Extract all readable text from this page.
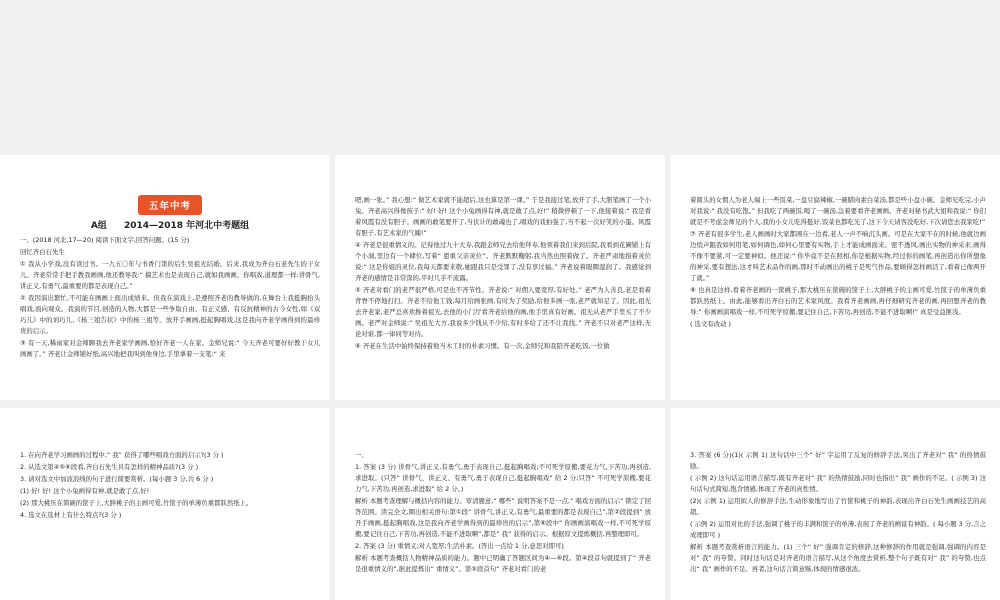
五年中考
A组 2014—2018 年河北中考题组

一、(2018 河北,17—20) 阅读下面文字,回答问题。(15 分)

回忆齐白石先生

① 我从小学戏,没有读过书。一九五〇年与书香门第的后生吴祖光结婚。后来,我成为齐白石老先生的干女儿。齐老常常手把手教我画画,他还教导我:“ 搞艺术也是表现自己,就如我画画、你唱戏,道理都一样:讲骨气,讲正义,有勇气,最重要的都是表现自己。”

② 我因演出繁忙,不可能在画画上面出成绩来。但我在演戏上,是遵照齐老的教导做的,在舞台上我挺胸抬头唱戏,面向观众。我演的节目,创造的人物,大都是一些争取自由、有正义感、有反抗精神的古今女性,如《双巧儿》中的刘巧儿,《杨三姐告状》中的杨三姐等。放开手画画,挺起胸唱戏,这是我向齐老学画得到的最珍贵的启示。

③ 有一天,稀雨家对金师聊我去齐老家学画画,恰好齐老一人在家。金师兄说:“ 今天齐老可要好好教干女儿画画了。” 齐老让金师铺好纸,高兴地把我叫到他身边,手里拿着一支笔:“ 来

吧,画一张。” 我心想:“ 做艺术家就不能超后,这也算是第一课。” 于是我接过笔,放开了手,大胆笔画了一个小兔。齐老高兴得像孩子:“ 好! 好! 这个小兔画得有神,就是敢了点,好!” 稍微停顿了一下,他接着说:“ 我是看着风霞有没有胆子。画画的敢笔要开了,当伏计的敢魂也了,唱戏的戏拍强了,当不起一次好笑的小蛋。风霞有胆子,有艺术家的气魄!”

④ 齐老是很重情义的。记得他过九十大寿,我跟金师兄去给他拜寿,他领着我们来到后院,我看到花圃铺上有个小洞,里边有一个肆位,写着“ 恩重父亲灵位”。齐老默默鞠躬,我当然也照着做了。齐老严肃地指着灵位说:“ 这是你姐的灵位,我每天都要来敬,她跟我只是受罪了,没有享过福。” 齐老说着眼圈湿润了。我感觉到齐老的感情是非常深的,平时几乎不流露。

⑤ 齐老对看门的老严很严格,可是也不吝节性。齐老说:“ 对佣人要宽厚,有好处。” 老严为人善良,老是看着背脊不停地打扫。齐老不给他工钱,每月给画张画,有时为了奖励,给他多画一张,老严就知足了。因此,祖光去齐老家,老严总喜欢搀着祖光,去他的小门厅看齐老给他的画,他手里真有好画。祖光从老严手里买了不少画。老严对金师说:“ 吴祖光大方,我说多少钱从不少给,有时多给了还不让我找。” 齐老不只对老严这样,无论对谁,都一律同等对待。

⑥ 齐老在生活中始终保持着他当木工时的朴素习惯。有一次,金师兄和我陪齐老吃饭,一位做

着圆头的女佣人为老人端上一些饭菜,一盘豆腐辣椒,一碗腊肉素白菜汤,都是些小盘小碗。金师兄吃完,小声对我说:“ 我没有吃饱。” 但我吃了两碗饭,喝了一碗汤,急着要看齐老画画。齐老对秘书武大姐和我说:“ 你们就是不考虑金师兄的个人,我的小女儿吃得挺好,饭菜也都吃光了,这下今天请客没吃好,下次请您去我家吃!”

⑦ 齐老有很多学生,老人画画时大家都围在一边看,老人一声不响沉头画。可是在大家不在的时候,他就边画边悄声跟我如何用笔,如何调色,如何心里要有实物,手上才能成画面来。密不透风,画出实物的神采来,画得不像不要紧,可一定要神似。他还说:“ 你毕竟不是在照相,你是根据实物,经过你的画笔,再创造出你所想象的神采,要有想法,这才叫艺术品作的画,那时不动画出的桃子是死气作品,要顾得怎样画活了,看着已像两开了就。”

⑧ 也真是这样,看着齐老画的一筐桃子,那大桃压在筐碗的筐子上,大胖桃子的主画可爱,竹筐子的单薄负重都跃然纸上。由此,能够看出齐白石的艺术家风度。我看齐老画画,再仔细研究齐老的画,再回想齐老的教导:“ 你画画演唱戏一样,不可死学原搬,要记住自己,下苦功,再创造,不能不进取啊!” 真是受益匪浅。

( 选文有改动 )

1. 在向齐老学习画画的过程中,“ 我” 获得了哪些唱戏方面的启示?(3 分 )

2. 从选文第④⑤⑥段看,齐白石先生具有怎样的精神品质?(3 分 )

3. 请对选文中加波浪线的句子进行简要赏析。(每小题 3 分,共 6 分 )

(1) 好! 好! 这个小兔画得有神,就是敢了点,好!

(2) 那大桃压在简碗的筐子上,大胖桃子的主画可爱,竹筐子的单薄负重都跃然纸上。

4. 选文在选材上有什么特点?(3 分 )

一、

1. 答案 (3 分) 讲骨气,讲正义,有勇气,勇于表现自己,挺起胸唱戏;不可死学原搬,要花力气,下苦功,再创造,求进取。(只答“ 讲骨气、讲正义、有勇气,勇于表现自己,挺起胸唱戏” 给 2 分;只答“ 不可死学原搬,要花力气,下苦功,再创造,求进取” 给 2 分。)

解析 本题考查理解与概括内容的能力。审清题意,“ 哪些” 说明答案不是一点,“ 唱戏方面的启示” 锁定了回答范围。读完全文,圈出相关语句:第①段“ 讲骨气,讲正义,有勇气,最重要的都是表现自己”,第②段提到“ 放开手画画,挺起胸唱戏,这是我向齐老学画得到的最珍贵的启示”,第⑧段中“ 你画画演唱戏一样,不可死学原搬,要记住自己,下苦功,再创造,不能不进取啊”,都是“ 我” 获得的启示。根据原文提炼概括,再整理即可。

2. 答案 (3 分) 重情义;对人宽厚;生活朴素。(答出一点给 1 分,意思对即可)

解析 本题考查概括人物精神品质的能力。题中已明确了答题区间为④—⑥段。第④段首句就提到了“ 齐老是很重情义的”,据此提炼出“ 重情义”。第⑤段首句“ 齐老对看门的老

3. 答案 (6 分)(1)( 示例 1) 这句话中三个“ 好” 字运用了反复的修辞手法,突出了齐老对“ 我” 的热情鼓励。

( 示例 2) 这句话运用语言描写,既有齐老对“ 我” 的热情鼓励,同时也指出“ 我” 画作的不足。( 示例 3) 这句话句式简短,饱含情感,体现了齐老的真性情。

(2)( 示例 1) 运用拟人的修辞手法,生动形象地写出了竹筐和桃子的神韵,表现出齐白石先生画画技艺的高超。

( 示例 2) 运用对比的手法,强调了桃子的丰满和筐子的单薄,表现了齐老的画富有神韵。( 每小题 3 分,言之成理即可 )

解析 本题考查赏析语言的能力。(1) 三个“ 好” 强调肯定的修辞,这种修辞的作用就是强调,强调的内容是对“ 我” 的夸赞。同时这句话是对齐老的语言描写,从这个角度去赏析,整个句子既有对“ 我” 的夸赞,也点出“ 我” 画作的不足。再者,这句话言简意赅,体现的情感很浓。
